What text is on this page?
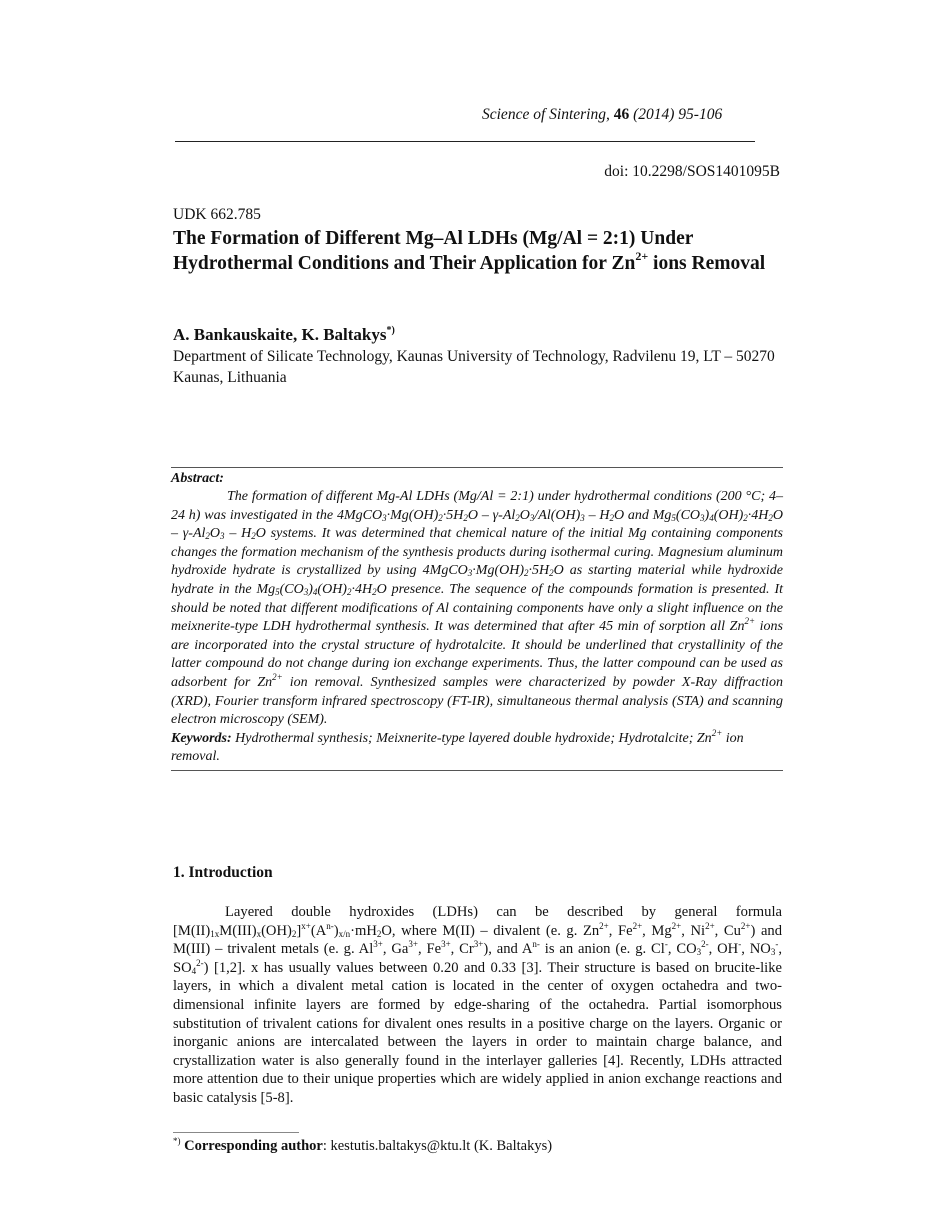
Science of Sintering, 46 (2014) 95-106
doi: 10.2298/SOS1401095B
UDK 662.785
The Formation of Different Mg–Al LDHs (Mg/Al = 2:1) Under Hydrothermal Conditions and Their Application for $Zn^{2+}$ ions Removal
A. Bankauskaite, K. Baltakys*)
Department of Silicate Technology, Kaunas University of Technology, Radvilenu 19, LT – 50270 Kaunas, Lithuania
Abstract:
The formation of different Mg-Al LDHs (Mg/Al = 2:1) under hydrothermal conditions (200 °C; 4–24 h) was investigated in the $4MgCO_3\cdot Mg(OH)_2\cdot 5H_2O - \gamma-Al_2O_3/Al(OH)_3 - H_2O$ and $Mg_5(CO_3)_4(OH)_2\cdot 4H_2O - \gamma-Al_2O_3 - H_2O$ systems. It was determined that chemical nature of the initial Mg containing components changes the formation mechanism of the synthesis products during isothermal curing. Magnesium aluminum hydroxide hydrate is crystallized by using $4MgCO_3\cdot Mg(OH)_2\cdot 5H_2O$ as starting material while hydroxide hydrate in the $Mg_5(CO_3)_4(OH)_2\cdot 4H_2O$ presence. The sequence of the compounds formation is presented. It should be noted that different modifications of Al containing components have only a slight influence on the meixnerite-type LDH hydrothermal synthesis. It was determined that after 45 min of sorption all $Zn^{2+}$ ions are incorporated into the crystal structure of hydrotalcite. It should be underlined that crystallinity of the latter compound do not change during ion exchange experiments. Thus, the latter compound can be used as adsorbent for $Zn^{2+}$ ion removal. Synthesized samples were characterized by powder X-Ray diffraction (XRD), Fourier transform infrared spectroscopy (FT-IR), simultaneous thermal analysis (STA) and scanning electron microscopy (SEM).
Keywords: Hydrothermal synthesis; Meixnerite-type layered double hydroxide; Hydrotalcite; $Zn^{2+}$ ion removal.
1. Introduction
Layered double hydroxides (LDHs) can be described by general formula $[M(II)_{1x}M(III)_x(OH)_2]^{x+}(A^{n-})_{x/n}\cdot mH_2O$, where M(II) – divalent (e. g. $Zn^{2+}$, $Fe^{2+}$, $Mg^{2+}$, $Ni^{2+}$, $Cu^{2+}$) and M(III) – trivalent metals (e. g. $Al^{3+}$, $Ga^{3+}$, $Fe^{3+}$, $Cr^{3+}$), and $A^{n-}$ is an anion (e. g. Cl-, $CO_3^{2-}$, OH-, $NO_3^-$, $SO_4^{2-}$) [1,2]. x has usually values between 0.20 and 0.33 [3]. Their structure is based on brucite-like layers, in which a divalent metal cation is located in the center of oxygen octahedra and two-dimensional infinite layers are formed by edge-sharing of the octahedra. Partial isomorphous substitution of trivalent cations for divalent ones results in a positive charge on the layers. Organic or inorganic anions are intercalated between the layers in order to maintain charge balance, and crystallization water is also generally found in the interlayer galleries [4]. Recently, LDHs attracted more attention due to their unique properties which are widely applied in anion exchange reactions and basic catalysis [5-8].
*) Corresponding author: kestutis.baltakys@ktu.lt (K. Baltakys)
